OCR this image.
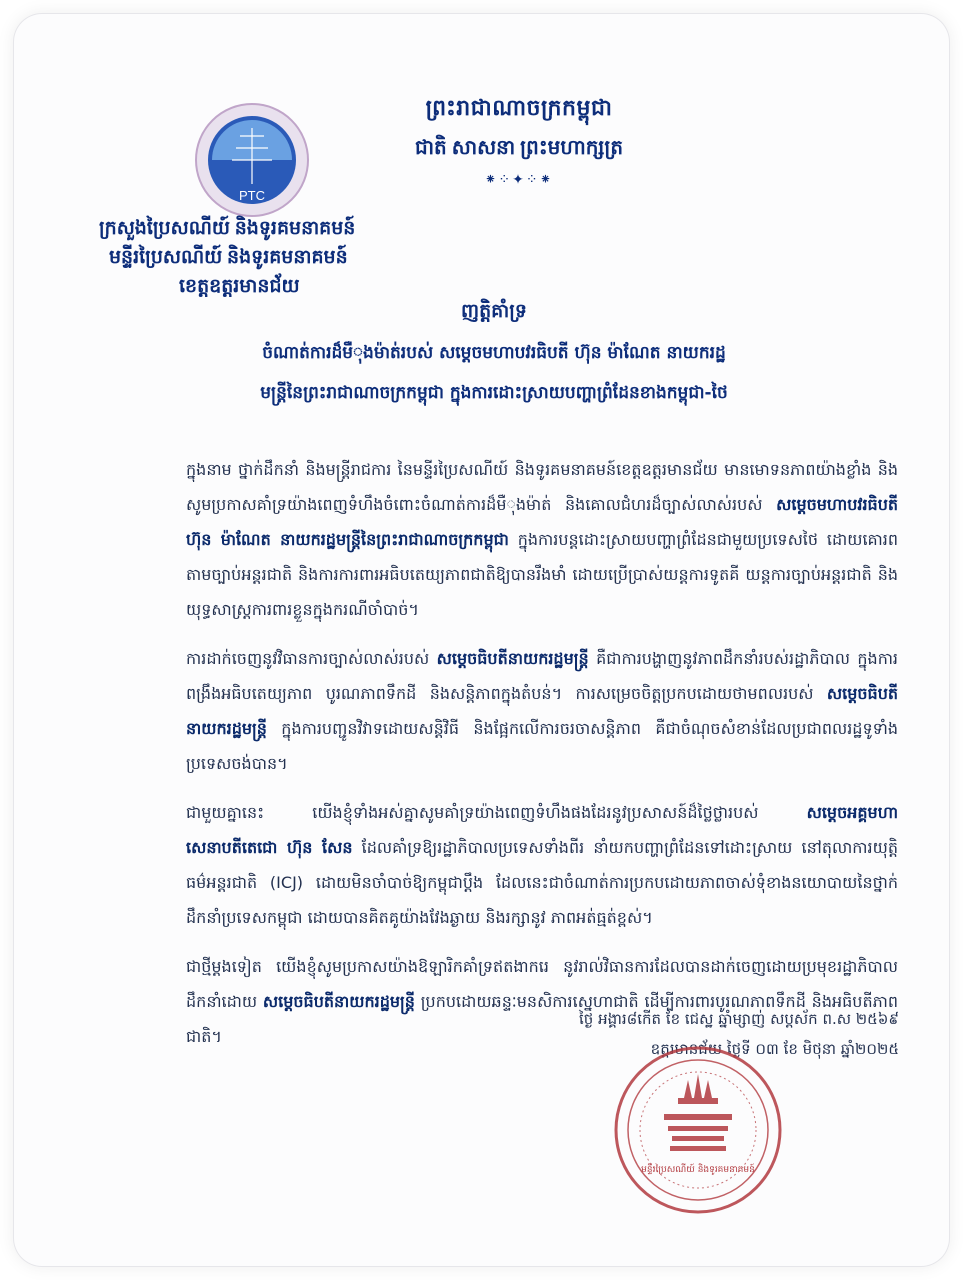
PTC
ព្រះរាជាណាចក្រកម្ពុជា
ជាតិ សាសនា ព្រះមហាក្សត្រ
⁕⁘✦⁘⁕
ក្រសួងប្រៃសណីយ៍ និងទូរគមនាគមន៍
មន្ទីរប្រៃសណីយ៍ និងទូរគមនាគមន៍
ខេត្តឧត្តរមានជ័យ
ញត្តិគាំទ្រ
ចំណាត់ការដ៏មឺុងម៉ាត់របស់ សម្តេចមហាបវរធិបតី ហ៊ុន ម៉ាណែត នាយករដ្ឋ
មន្ត្រីនៃព្រះរាជាណាចក្រកម្ពុជា ក្នុងការដោះស្រាយបញ្ហាព្រំដែនខាងកម្ពុជា-ថៃ

ក្នុងនាម ថ្នាក់ដឹកនាំ និងមន្ត្រីរាជការ នៃមន្ទីរប្រៃសណីយ៍ និងទូរគមនាគមន៍ខេត្តឧត្តរមានជ័យ មានមោទនភាពយ៉ាងខ្លាំង និងសូមប្រកាសគាំទ្រយ៉ាងពេញទំហឹងចំពោះចំណាត់ការដ៏មឺុងម៉ាត់ និងគោលជំហរដ៏ច្បាស់លាស់របស់ សម្តេចមហាបវរធិបតី ហ៊ុន ម៉ាណែត នាយករដ្ឋមន្ត្រីនៃព្រះរាជាណាចក្រកម្ពុជា ក្នុងការបន្តដោះស្រាយបញ្ហាព្រំដែនជាមួយប្រទេសថៃ ដោយគោរពតាមច្បាប់អន្តរជាតិ និងការការពារអធិបតេយ្យភាពជាតិឱ្យបានរឹងមាំ ដោយប្រើប្រាស់យន្តការទូតគី យន្តការច្បាប់អន្តរជាតិ និងយុទ្ធសាស្ត្រការពារខ្លួនក្នុងករណីចាំបាច់។

ការដាក់ចេញនូវវិធានការច្បាស់លាស់របស់ សម្តេចធិបតីនាយករដ្ឋមន្ត្រី គឺជាការបង្ហាញនូវភាពដឹកនាំរបស់រដ្ឋាភិបាល ក្នុងការពង្រឹងអធិបតេយ្យភាព បូរណភាពទឹកដី និងសន្តិភាពក្នុងតំបន់។ ការសម្រេចចិត្តប្រកបដោយថាមពលរបស់ សម្តេចធិបតីនាយករដ្ឋមន្ត្រី ក្នុងការបញ្ជូនវិវាទដោយសន្តិវិធី និងផ្អែកលើការចរចាសន្តិភាព គឺជាចំណុចសំខាន់ដែលប្រជាពលរដ្ឋទូទាំងប្រទេសចង់បាន។

ជាមួយគ្នានេះ យើងខ្ញុំទាំងអស់គ្នាសូមគាំទ្រយ៉ាងពេញទំហឹងផងដែរនូវប្រសាសន៍ដ៏ថ្លៃថ្លារបស់ សម្តេចអគ្គមហាសេនាបតីតេជោ ហ៊ុន សែន ដែលគាំទ្រឱ្យរដ្ឋាភិបាលប្រទេសទាំងពីរ នាំយកបញ្ហាព្រំដែនទៅដោះស្រាយ នៅតុលាការយុត្តិធម៌អន្តរជាតិ (ICJ) ដោយមិនចាំបាច់ឱ្យកម្ពុជាប្តឹង ដែលនេះជាចំណាត់ការប្រកបដោយភាពចាស់ទុំខាងនយោបាយនៃថ្នាក់ដឹកនាំប្រទេសកម្ពុជា ដោយបានគិតគូយ៉ាងវែងឆ្ងាយ និងរក្សានូវ ភាពអត់ធ្មត់ខ្ពស់។

ជាថ្មីម្តងទៀត យើងខ្ញុំសូមប្រកាសយ៉ាងឱឡារិកគាំទ្រឥតងាករេ នូវរាល់វិធានការដែលបានដាក់ចេញដោយប្រមុខរដ្ឋាភិបាលដឹកនាំដោយ សម្តេចធិបតីនាយករដ្ឋមន្ត្រី ប្រកបដោយឆន្ទៈមនសិការស្នេហាជាតិ ដើម្បីការពារបូរណភាពទឹកដី និងអធិបតីភាពជាតិ។

ថ្ងៃ អង្គារ៨កើត ខែ ជេស្ឋ ឆ្នាំម្សាញ់ សប្តស័ក ព.ស ២៥៦៩
ឧត្តរមានជ័យ ថ្ងៃទី ០៣ ខែ មិថុនា ឆ្នាំ២០២៥
មន្ទីរប្រៃសណីយ៍ និងទូរគមនាគមន៍
